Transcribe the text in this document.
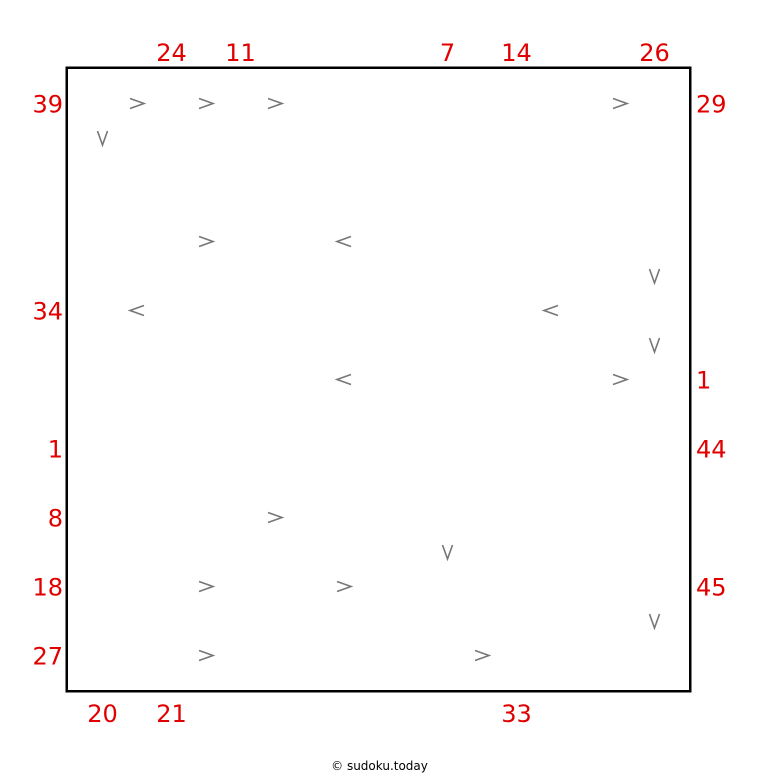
24 11	7 14	26
20 21	33
39
34
1
8
18
27
29
1
44
45
© sudoku.today
